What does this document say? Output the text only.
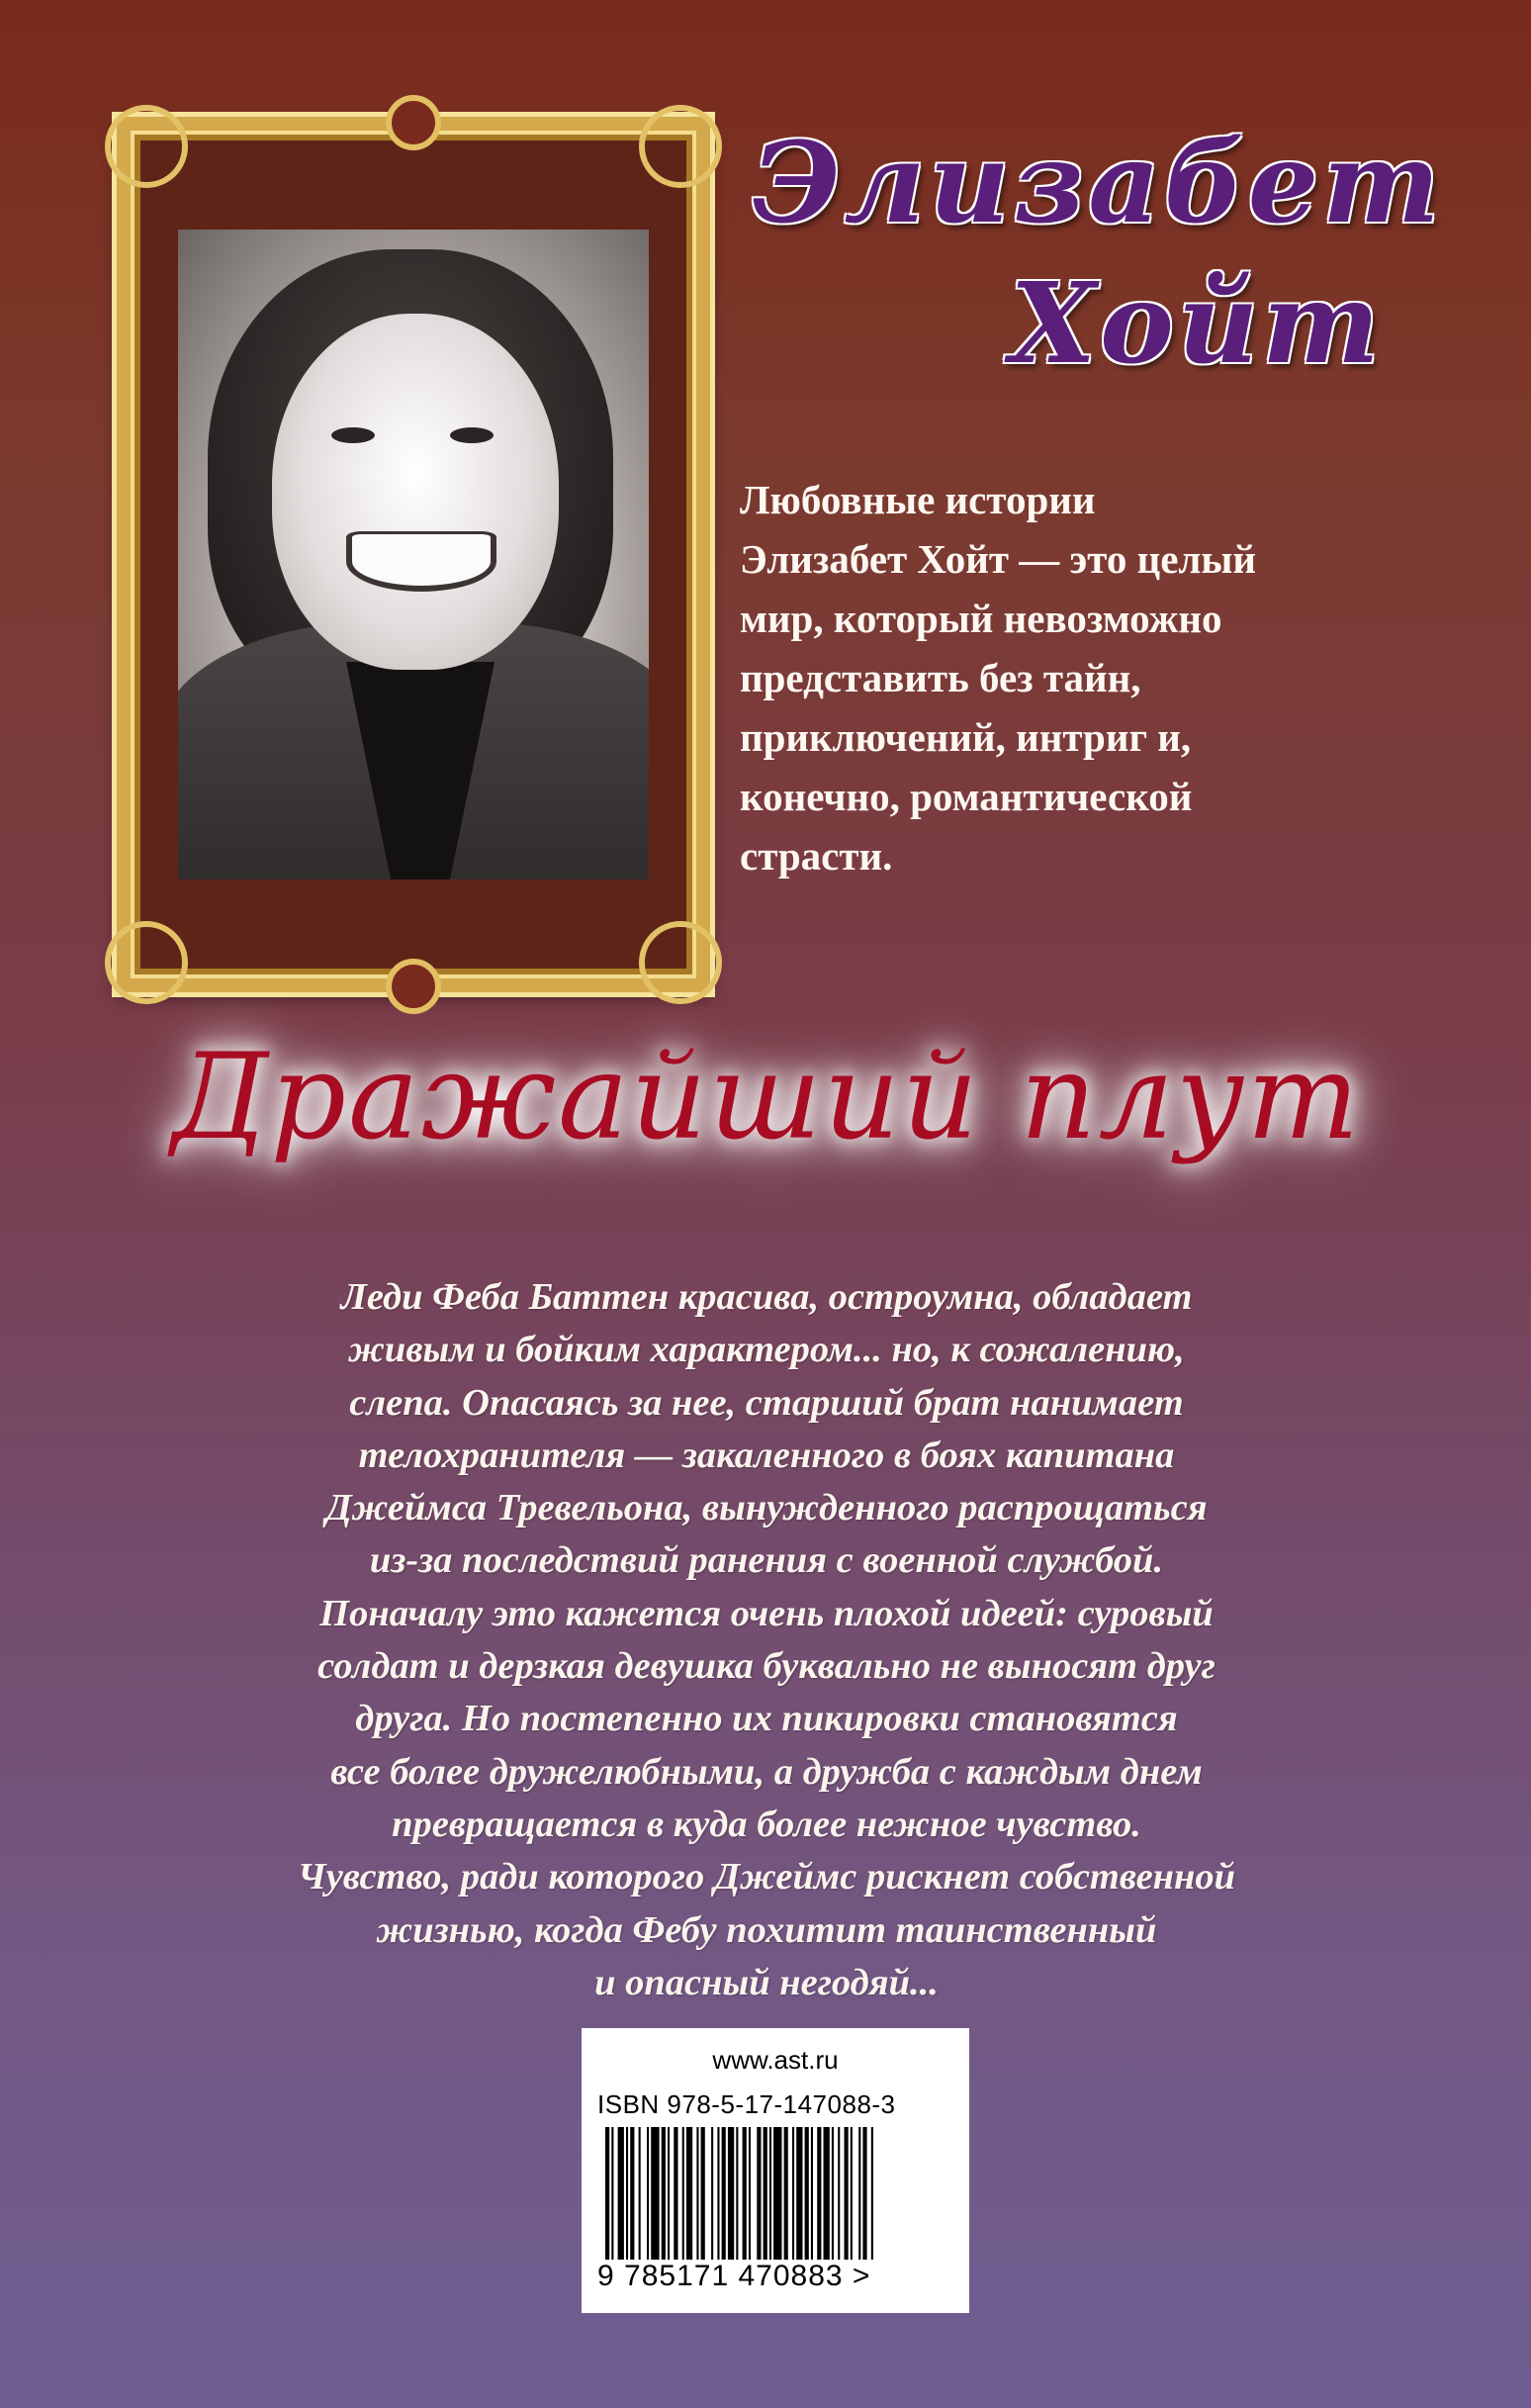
Элизабет
Хойт
Любовные истории
Элизабет Хойт — это целый
мир, который невозможно
представить без тайн,
приключений, интриг и,
конечно, романтической
страсти.
Дражайший плут
Леди Феба Баттен красива, остроумна, обладает
живым и бойким характером... но, к сожалению,
слепа. Опасаясь за нее, старший брат нанимает
телохранителя — закаленного в боях капитана
Джеймса Тревельона, вынужденного распрощаться
из-за последствий ранения с военной службой.
Поначалу это кажется очень плохой идеей: суровый
солдат и дерзкая девушка буквально не выносят друг
друга. Но постепенно их пикировки становятся
все более дружелюбными, а дружба с каждым днем
превращается в куда более нежное чувство.
Чувство, ради которого Джеймс рискнет собственной
жизнью, когда Фебу похитит таинственный
и опасный негодяй...
www.ast.ru
ISBN 978-5-17-147088-3
9 785171 470883 >
